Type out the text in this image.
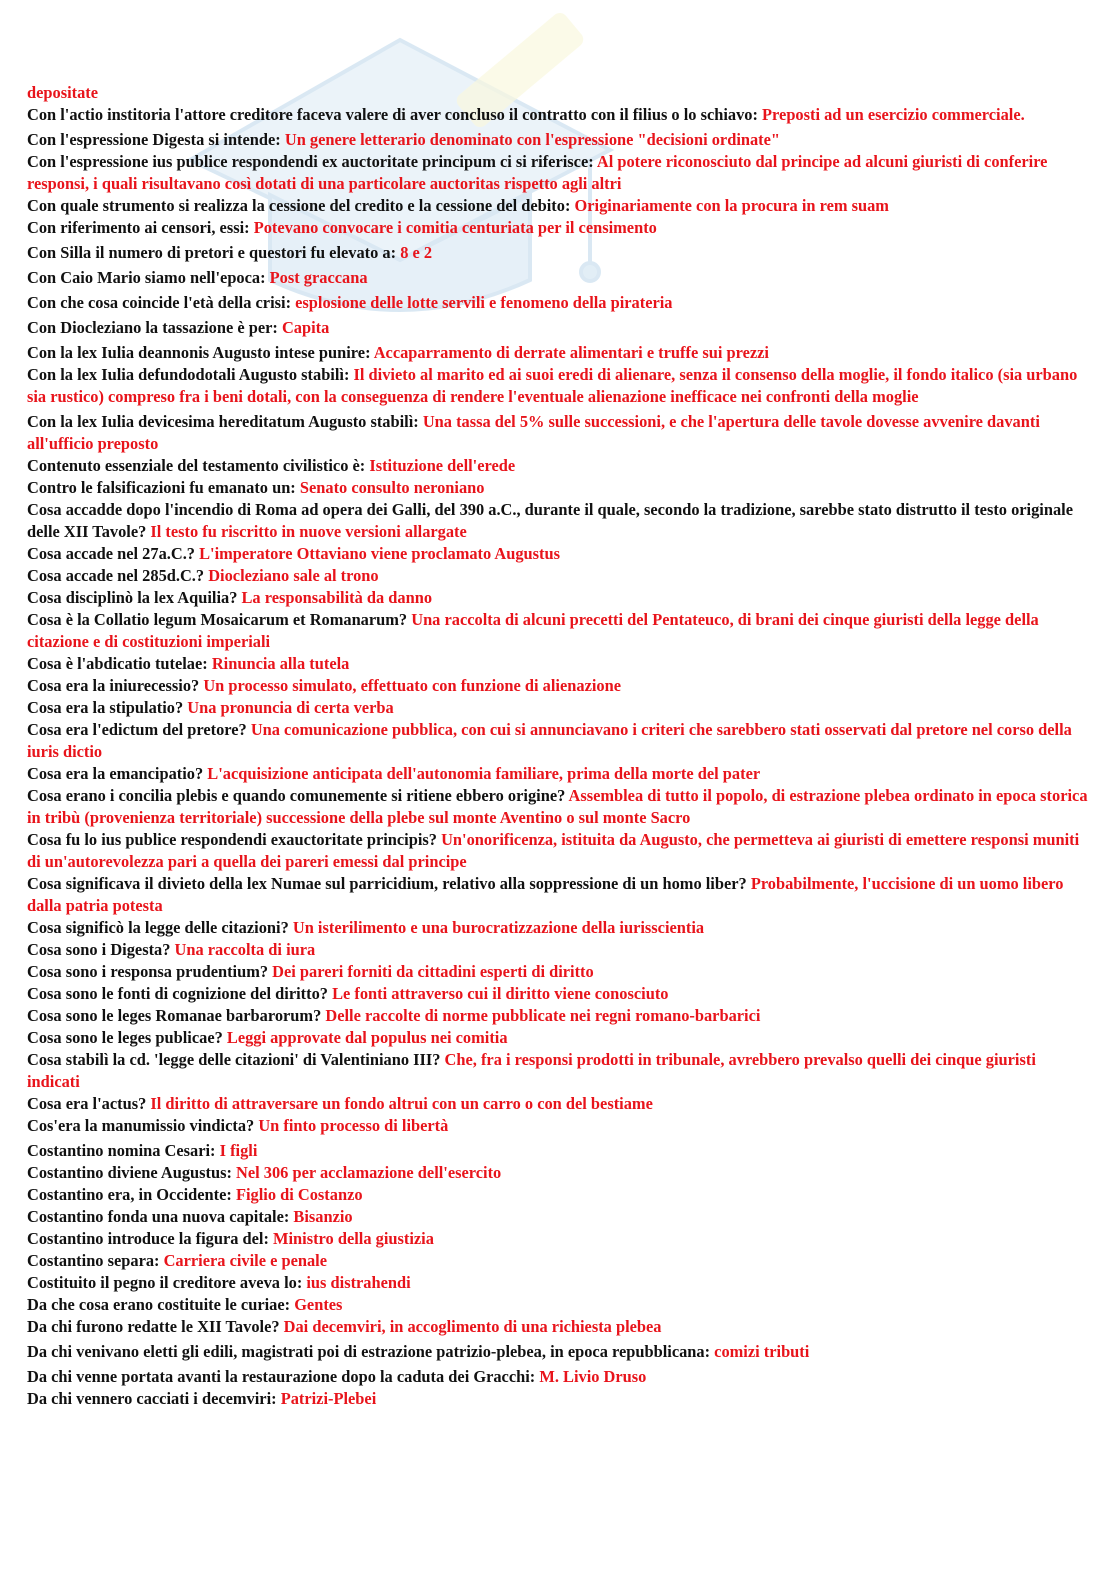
depositate

Con l'actio institoria l'attore creditore faceva valere di aver concluso il contratto con il filius o lo schiavo: Preposti ad un esercizio commerciale.

Con l'espressione Digesta si intende: Un genere letterario denominato con l'espressione "decisioni ordinate"

Con l'espressione ius publice respondendi ex auctoritate principum ci si riferisce: Al potere riconosciuto dal principe ad alcuni giuristi di conferire responsi, i quali risultavano così dotati di una particolare auctoritas rispetto agli altri

Con quale strumento si realizza la cessione del credito e la cessione del debito: Originariamente con la procura in rem suam

Con riferimento ai censori, essi: Potevano convocare i comitia centuriata per il censimento

Con Silla il numero di pretori e questori fu elevato a: 8 e 2

Con Caio Mario siamo nell'epoca: Post graccana

Con che cosa coincide l'età della crisi: esplosione delle lotte servili e fenomeno della pirateria

Con Diocleziano la tassazione è per: Capita

Con la lex Iulia deannonis Augusto intese punire: Accaparramento di derrate alimentari e truffe sui prezzi

Con la lex Iulia defundodotali Augusto stabilì: Il divieto al marito ed ai suoi eredi di alienare, senza il consenso della moglie, il fondo italico (sia urbano sia rustico) compreso fra i beni dotali, con la conseguenza di rendere l'eventuale alienazione inefficace nei confronti della moglie

Con la lex Iulia devicesima hereditatum Augusto stabilì: Una tassa del 5% sulle successioni, e che l'apertura delle tavole dovesse avvenire davanti all'ufficio preposto

Contenuto essenziale del testamento civilistico è: Istituzione dell'erede

Contro le falsificazioni fu emanato un: Senato consulto neroniano

Cosa accadde dopo l'incendio di Roma ad opera dei Galli, del 390 a.C., durante il quale, secondo la tradizione, sarebbe stato distrutto il testo originale delle XII Tavole? Il testo fu riscritto in nuove versioni allargate

Cosa accade nel 27a.C.? L'imperatore Ottaviano viene proclamato Augustus

Cosa accade nel 285d.C.? Diocleziano sale al trono

Cosa disciplinò la lex Aquilia? La responsabilità da danno

Cosa è la Collatio legum Mosaicarum et Romanarum? Una raccolta di alcuni precetti del Pentateuco, di brani dei cinque giuristi della legge della citazione e di costituzioni imperiali

Cosa è l'abdicatio tutelae: Rinuncia alla tutela

Cosa era la iniurecessio? Un processo simulato, effettuato con funzione di alienazione

Cosa era la stipulatio? Una pronuncia di certa verba

Cosa era l'edictum del pretore? Una comunicazione pubblica, con cui si annunciavano i criteri che sarebbero stati osservati dal pretore nel corso della iuris dictio

Cosa era la emancipatio? L'acquisizione anticipata dell'autonomia familiare, prima della morte del pater

Cosa erano i concilia plebis e quando comunemente si ritiene ebbero origine? Assemblea di tutto il popolo, di estrazione plebea ordinato in epoca storica in tribù (provenienza territoriale) successione della plebe sul monte Aventino o sul monte Sacro

Cosa fu lo ius publice respondendi exauctoritate principis? Un'onorificenza, istituita da Augusto, che permetteva ai giuristi di emettere responsi muniti di un'autorevolezza pari a quella dei pareri emessi dal principe

Cosa significava il divieto della lex Numae sul parricidium, relativo alla soppressione di un homo liber? Probabilmente, l'uccisione di un uomo libero dalla patria potesta

Cosa significò la legge delle citazioni? Un isterilimento e una burocratizzazione della iurisscientia

Cosa sono i Digesta? Una raccolta di iura

Cosa sono i responsa prudentium? Dei pareri forniti da cittadini esperti di diritto

Cosa sono le fonti di cognizione del diritto? Le fonti attraverso cui il diritto viene conosciuto

Cosa sono le leges Romanae barbarorum? Delle raccolte di norme pubblicate nei regni romano-barbarici

Cosa sono le leges publicae? Leggi approvate dal populus nei comitia

Cosa stabilì la cd. 'legge delle citazioni' di Valentiniano III? Che, fra i responsi prodotti in tribunale, avrebbero prevalso quelli dei cinque giuristi indicati

Cosa era l'actus? Il diritto di attraversare un fondo altrui con un carro o con del bestiame

Cos'era la manumissio vindicta? Un finto processo di libertà

Costantino nomina Cesari: I figli

Costantino diviene Augustus: Nel 306 per acclamazione dell'esercito

Costantino era, in Occidente: Figlio di Costanzo

Costantino fonda una nuova capitale: Bisanzio

Costantino introduce la figura del: Ministro della giustizia

Costantino separa: Carriera civile e penale

Costituito il pegno il creditore aveva lo: ius distrahendi

Da che cosa erano costituite le curiae: Gentes

Da chi furono redatte le XII Tavole? Dai decemviri, in accoglimento di una richiesta plebea

Da chi venivano eletti gli edili, magistrati poi di estrazione patrizio-plebea, in epoca repubblicana: comizi tributi

Da chi venne portata avanti la restaurazione dopo la caduta dei Gracchi: M. Livio Druso

Da chi vennero cacciati i decemviri: Patrizi-Plebei
